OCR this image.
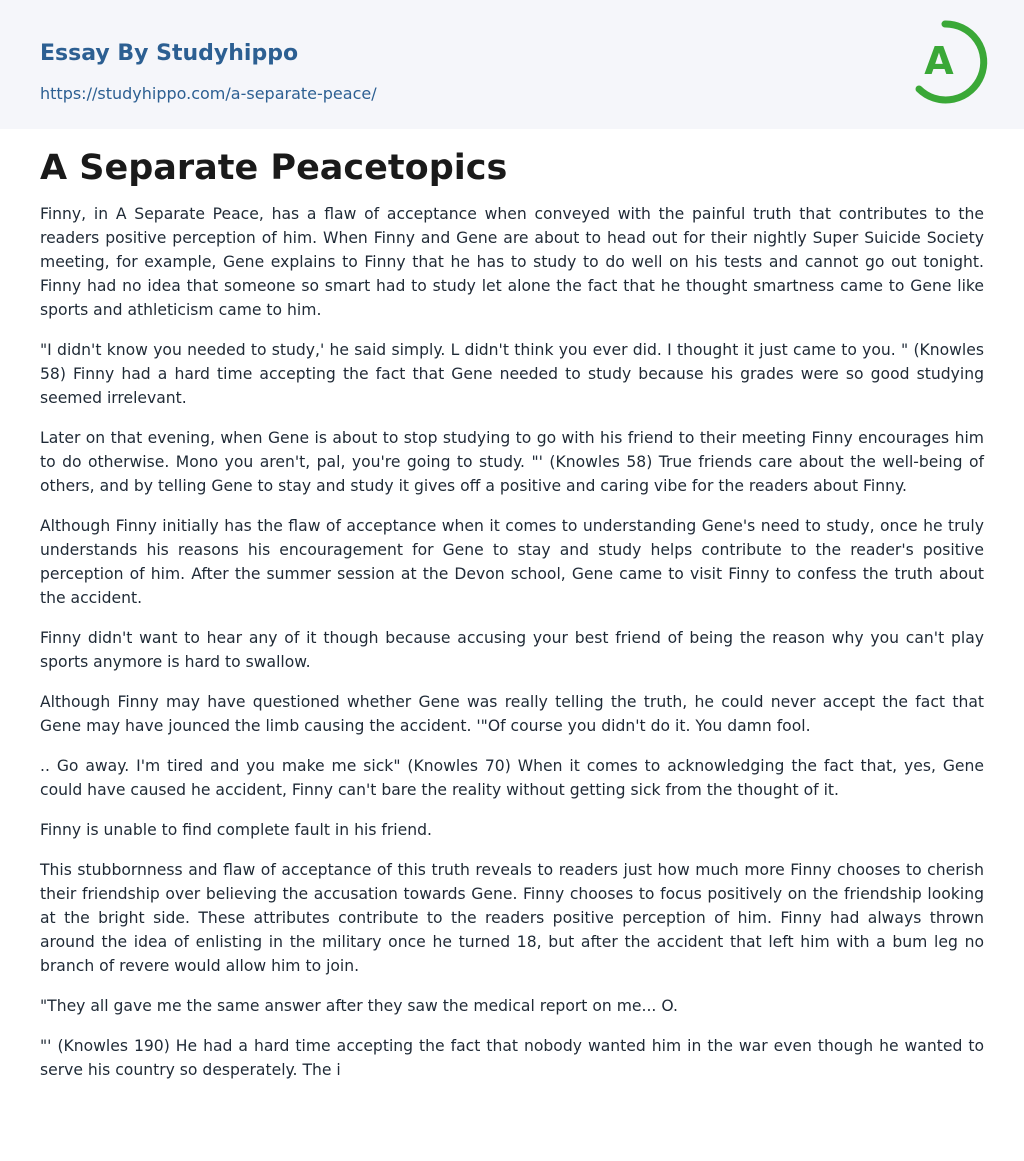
Essay By Studyhippo
https://studyhippo.com/a-separate-peace/
A
A Separate Peacetopics

Finny, in A Separate Peace, has a flaw of acceptance when conveyed with the painful truth that contributes to the readers positive perception of him. When Finny and Gene are about to head out for their nightly Super Suicide Society meeting, for example, Gene explains to Finny that he has to study to do well on his tests and cannot go out tonight. Finny had no idea that someone so smart had to study let alone the fact that he thought smartness came to Gene like sports and athleticism came to him.

"I didn't know you needed to study,' he said simply. L didn't think you ever did. I thought it just came to you. " (Knowles 58) Finny had a hard time accepting the fact that Gene needed to study because his grades were so good studying seemed irrelevant.

Later on that evening, when Gene is about to stop studying to go with his friend to their meeting Finny encourages him to do otherwise. Mono you aren't, pal, you're going to study. "' (Knowles 58) True friends care about the well-being of others, and by telling Gene to stay and study it gives off a positive and caring vibe for the readers about Finny.

Although Finny initially has the flaw of acceptance when it comes to understanding Gene's need to study, once he truly understands his reasons his encouragement for Gene to stay and study helps contribute to the reader's positive perception of him. After the summer session at the Devon school, Gene came to visit Finny to confess the truth about the accident.

Finny didn't want to hear any of it though because accusing your best friend of being the reason why you can't play sports anymore is hard to swallow.

Although Finny may have questioned whether Gene was really telling the truth, he could never accept the fact that Gene may have jounced the limb causing the accident. '"Of course you didn't do it. You damn fool.

.. Go away. I'm tired and you make me sick" (Knowles 70) When it comes to acknowledging the fact that, yes, Gene could have caused he accident, Finny can't bare the reality without getting sick from the thought of it.

Finny is unable to find complete fault in his friend.

This stubbornness and flaw of acceptance of this truth reveals to readers just how much more Finny chooses to cherish their friendship over believing the accusation towards Gene. Finny chooses to focus positively on the friendship looking at the bright side. These attributes contribute to the readers positive perception of him. Finny had always thrown around the idea of enlisting in the military once he turned 18, but after the accident that left him with a bum leg no branch of revere would allow him to join.

"They all gave me the same answer after they saw the medical report on me... O.

"' (Knowles 190) He had a hard time accepting the fact that nobody wanted him in the war even though he wanted to serve his country so desperately. The i
